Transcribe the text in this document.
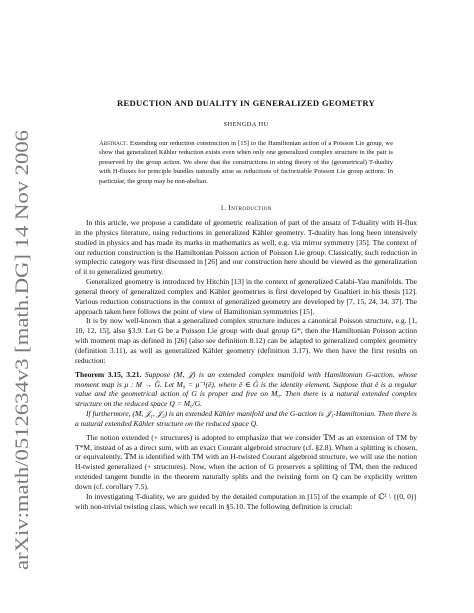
arXiv:math/0512634v3 [math.DG] 14 Nov 2006
REDUCTION AND DUALITY IN GENERALIZED GEOMETRY
SHENGDA HU
Abstract. Extending our reduction construction in [15] to the Hamiltonian action of a Poisson Lie group, we show that generalized Kähler reduction exists even when only one generalized complex structure in the pair is preserved by the group action. We show that the constructions in string theory of the (geometrical) T-duality with H-fluxes for principle bundles naturally arise as reductions of factorizable Poisson Lie group actions. In particular, the group may be non-abelian.
1. Introduction

In this article, we propose a candidate of geometric realization of part of the ansatz of T-duality with H-flux in the physics literature, using reductions in generalized Kähler geometry. T-duality has long been intensively studied in physics and has made its marks in mathematics as well, e.g. via mirror symmetry [35]. The context of our reduction construction is the Hamiltonian Poisson action of Poisson Lie group. Classically, such reduction in symplectic category was first discussed in [26] and our construction here should be viewed as the generalization of it to generalized geometry.

Generalized geometry is introduced by Hitchin [13] in the context of generalized Calabi-Yau manifolds. The general theory of generalized complex and Kähler geometries is first developed by Gualtieri in his thesis [12]. Various reduction constructions in the context of generalized geometry are developed by [7, 15, 24, 34, 37]. The approach taken here follows the point of view of Hamiltonian symmetries [15].

It is by now well-known that a generalized complex structure induces a canonical Poisson structure, e.g. [1, 10, 12, 15], also §3.9. Let G be a Poisson Lie group with dual group G*, then the Hamiltonian Poisson action with moment map as defined in [26] (also see definition 8.12) can be adapted to generalized complex geometry (definition 3.11), as well as generalized Kähler geometry (definition 3.17). We then have the first results on reduction:

Theorem 3.15, 3.21. Suppose (M, 𝒥) is an extended complex manifold with Hamiltonian G-action, whose moment map is μ : M → Ĝ. Let M₀ = μ⁻¹(ê), where ê ∈ Ĝ is the identity element. Suppose that ê is a regular value and the geometrical action of G is proper and free on M₀. Then there is a natural extended complex structure on the reduced space Q = M₀/G.

If furthermore, (M, 𝒥₁, 𝒥₂) is an extended Kähler manifold and the G-action is 𝒥₁-Hamiltonian. Then there is a natural extended Kähler structure on the reduced space Q.

The notion extended (+ structures) is adopted to emphasize that we consider 𝕋M as an extension of TM by T*M, instead of as a direct sum, with an exact Courant algebroid structure (cf. §2.8). When a splitting is chosen, or equivalently, 𝕋M is identified with TM with an H-twisted Courant algebroid structure, we will use the notion H-twisted generalized (+ structures). Now, when the action of G preserves a splitting of 𝕋M, then the reduced extended tangent bundle in the theorem naturally splits and the twisting form on Q can be explicitly written down (cf. corollary 7.5).

In investigating T-duality, we are guided by the detailed computation in [15] of the example of ℂ² \ {(0, 0)} with non-trivial twisting class, which we recall in §5.10. The following definition is crucial:
